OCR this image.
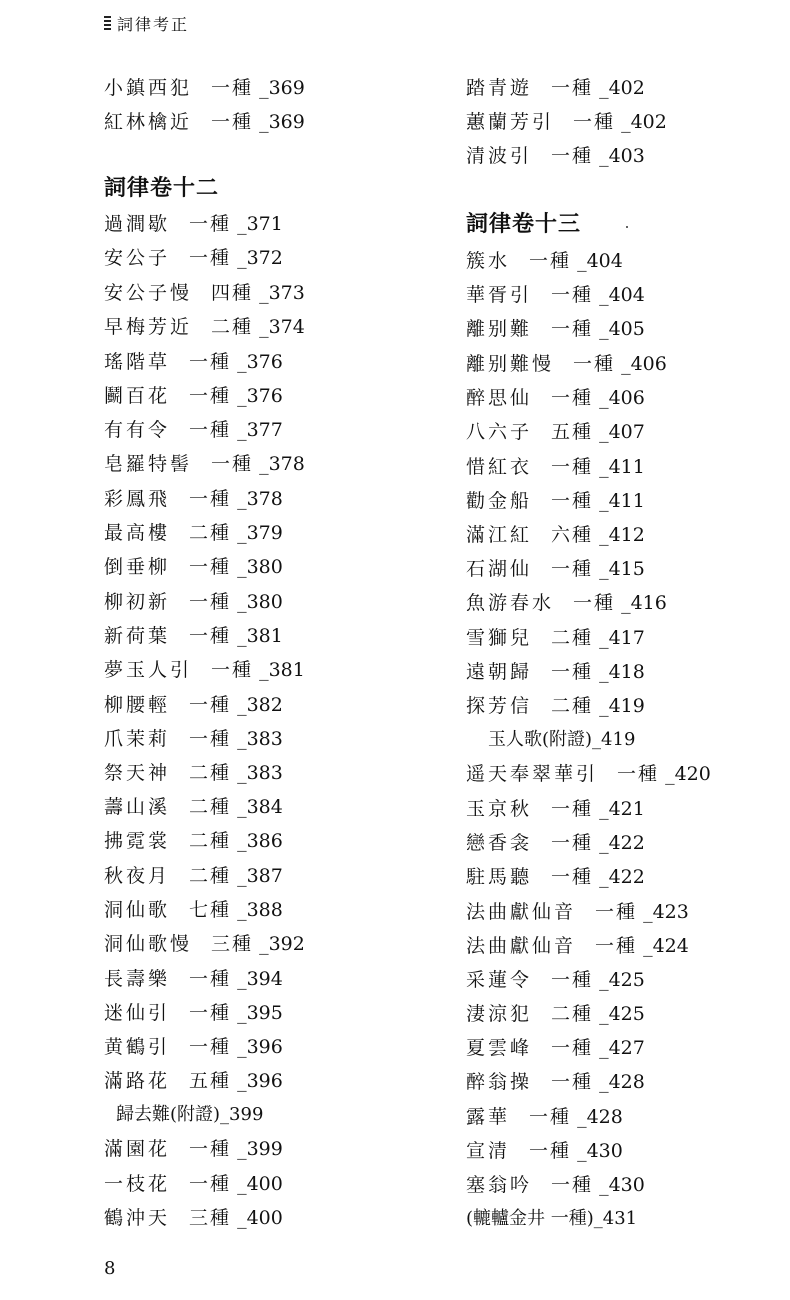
詞律考正
小鎮西犯  一種 _369
紅林檎近  一種 _369
詞律卷十二
過澗歇  一種 _371
安公子  一種 _372
安公子慢  四種 _373
早梅芳近  二種 _374
瑤階草  一種 _376
鬬百花  一種 _376
有有令  一種 _377
皂羅特髻  一種 _378
彩鳳飛  一種 _378
最高樓  二種 _379
倒垂柳  一種 _380
柳初新  一種 _380
新荷葉  一種 _381
夢玉人引  一種 _381
柳腰輕  一種 _382
爪茉莉  一種 _383
祭天神  二種 _383
薵山溪  二種 _384
拂霓裳  二種 _386
秋夜月  二種 _387
洞仙歌  七種 _388
洞仙歌慢  三種 _392
長壽樂  一種 _394
迷仙引  一種 _395
黄鶴引  一種 _396
滿路花  五種 _396
歸去難(附證)_399
滿園花  一種 _399
一枝花  一種 _400
鶴沖天  三種 _400
踏青遊  一種 _402
蕙蘭芳引  一種 _402
清波引  一種 _403
詞律卷十三
簇水  一種 _404
華胥引  一種 _404
離别難  一種 _405
離别難慢  一種 _406
醉思仙  一種 _406
八六子  五種 _407
惜紅衣  一種 _411
勸金船  一種 _411
滿江紅  六種 _412
石湖仙  一種 _415
魚游春水  一種 _416
雪獅兒  二種 _417
遠朝歸  一種 _418
探芳信  二種 _419
玉人歌(附證)_419
遥天奉翠華引  一種 _420
玉京秋  一種 _421
戀香衾  一種 _422
駐馬聽  一種 _422
法曲獻仙音  一種 _423
法曲獻仙音  一種 _424
采蓮令  一種 _425
淒涼犯  二種 _425
夏雲峰  一種 _427
醉翁操  一種 _428
露華  一種 _428
宣清  一種 _430
塞翁吟  一種 _430
(轆轤金井 一種)_431
8
